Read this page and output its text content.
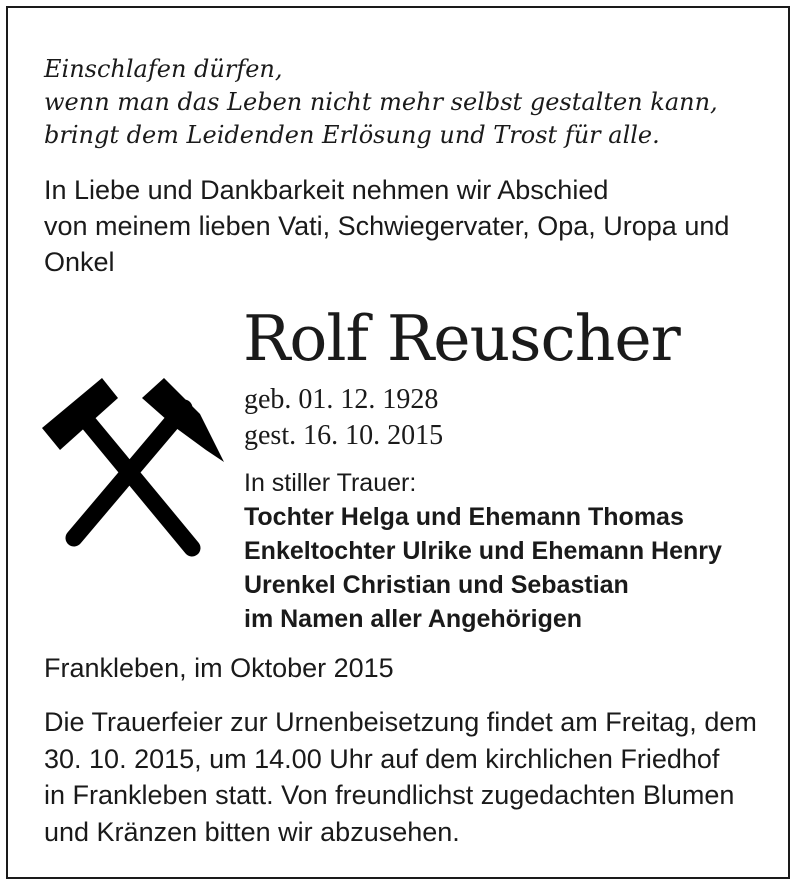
Einschlafen dürfen,
wenn man das Leben nicht mehr selbst gestalten kann,
bringt dem Leidenden Erlösung und Trost für alle.
In Liebe und Dankbarkeit nehmen wir Abschied
von meinem lieben Vati, Schwiegervater, Opa, Uropa und
Onkel
Rolf Reuscher
geb. 01. 12. 1928
gest. 16. 10. 2015
In stiller Trauer:
Tochter Helga und Ehemann Thomas
Enkeltochter Ulrike und Ehemann Henry
Urenkel Christian und Sebastian
im Namen aller Angehörigen
Frankleben, im Oktober 2015
Die Trauerfeier zur Urnenbeisetzung findet am Freitag, dem
30. 10. 2015, um 14.00 Uhr auf dem kirchlichen Friedhof
in Frankleben statt. Von freundlichst zugedachten Blumen
und Kränzen bitten wir abzusehen.
